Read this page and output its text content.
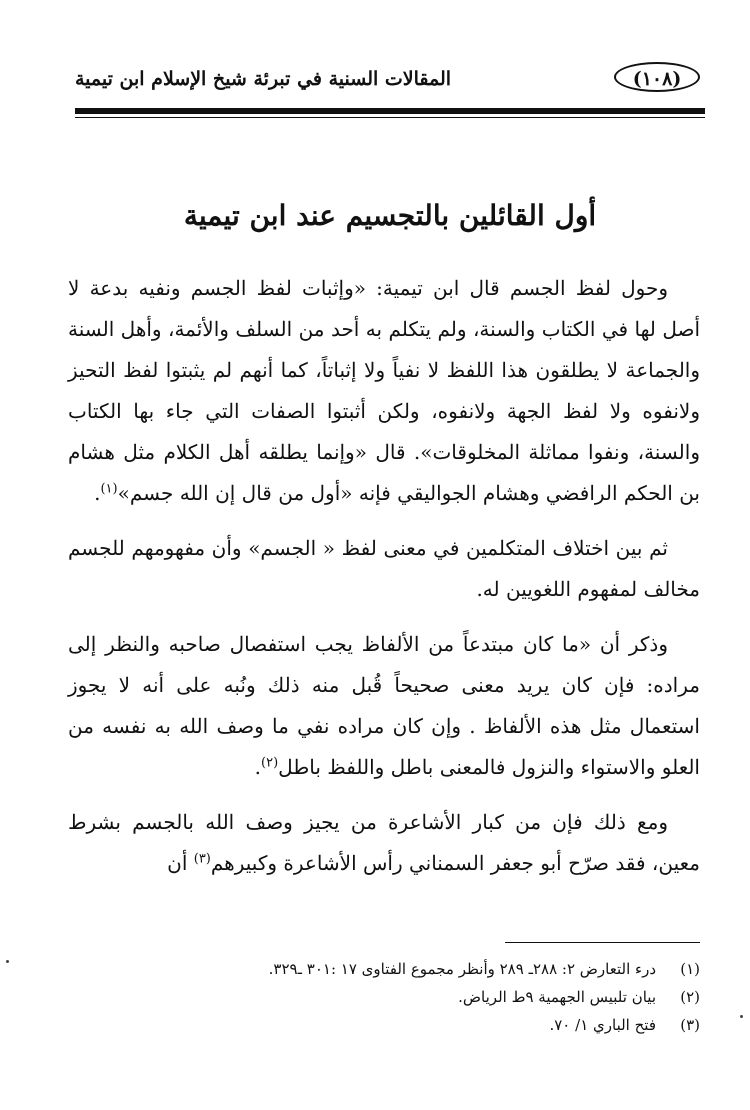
(١٠٨)
المقالات السنية في تبرئة شيخ الإسلام ابن تيمية
أول القائلين بالتجسيم عند ابن تيمية

وحول لفظ الجسم قال ابن تيمية: «وإثبات لفظ الجسم ونفيه بدعة لا أصل لها في الكتاب والسنة، ولم يتكلم به أحد من السلف والأئمة، وأهل السنة والجماعة لا يطلقون هذا اللفظ لا نفياً ولا إثباتاً، كما أنهم لم يثبتوا لفظ التحيز ولانفوه ولا لفظ الجهة ولانفوه، ولكن أثبتوا الصفات التي جاء بها الكتاب والسنة، ونفوا مماثلة المخلوقات». قال «وإنما يطلقه أهل الكلام مثل هشام بن الحكم الرافضي وهشام الجواليقي فإنه «أول من قال إن الله جسم»$^{(١)}$.

ثم بين اختلاف المتكلمين في معنى لفظ « الجسم» وأن مفهومهم للجسم مخالف لمفهوم اللغويين له.

وذكر أن «ما كان مبتدعاً من الألفاظ يجب استفصال صاحبه والنظر إلى مراده: فإن كان يريد معنى صحيحاً قُبل منه ذلك ونُبه على أنه لا يجوز استعمال مثل هذه الألفاظ . وإن كان مراده نفي ما وصف الله به نفسه من العلو والاستواء والنزول فالمعنى باطل واللفظ باطل$^{(٢)}$.

ومع ذلك فإن من كبار الأشاعرة من يجيز وصف الله بالجسم بشرط معين، فقد صرّح أبو جعفر السمناني رأس الأشاعرة وكبيرهم$^{(٣)}$ أن

(١)
درء التعارض ٢: ٢٨٨ـ ٢٨٩ وأنظر مجموع الفتاوى ١٧ :٣٠١ ـ٣٢٩.
(٢)
بيان تلبيس الجهمية ٩ط الرياض.
(٣)
فتح الباري ١/ ٧٠.
